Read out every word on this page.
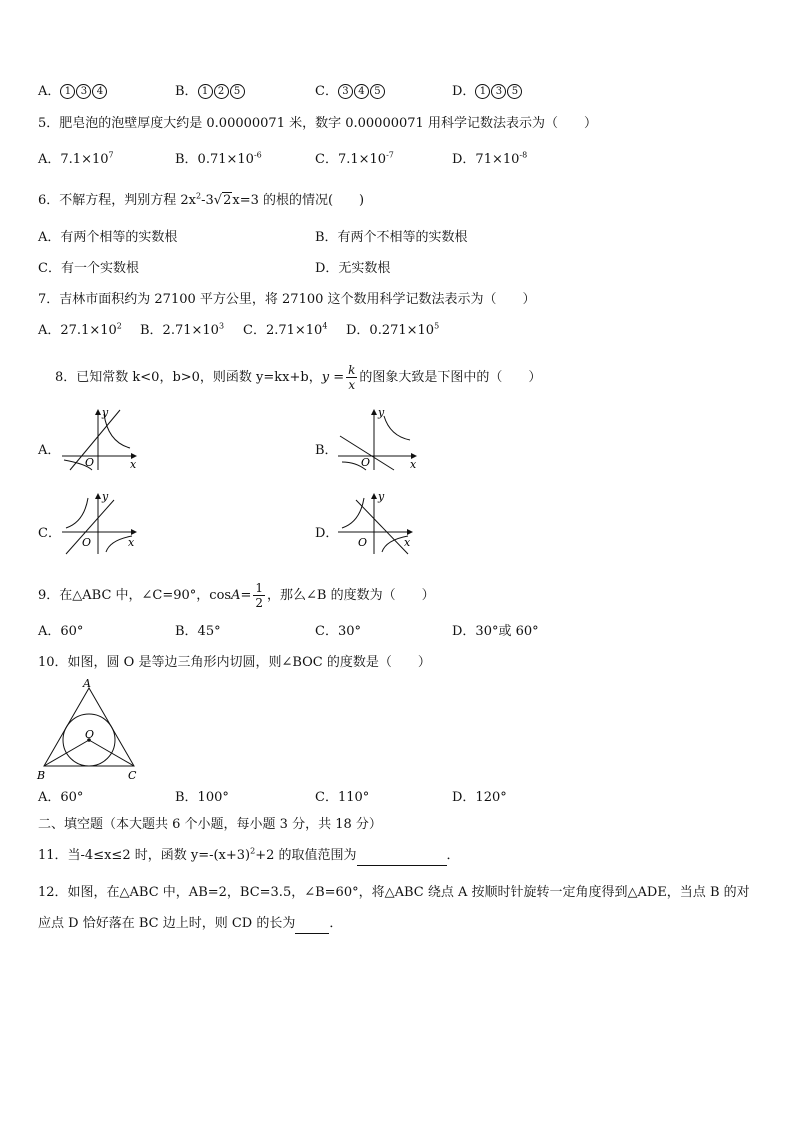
A． 1 3 4	B． 1 2 5	C． 3 4 5	D． 1 3 5
5．肥皂泡的泡壁厚度大约是 0.00000071 米，数字 0.00000071 用科学记数法表示为（　　）
A．$7.1\times 10^7$	B．$0.71\times 10^{-6}$	C．$7.1\times 10^{-7}$	D．$71\times 10^{-8}$
6．不解方程，判别方程 $2x^2-3√2x=3$ 的根的情况(　　)
A．有两个相等的实数根	B．有两个不相等的实数根
C．有一个实数根	D．无实数根
7．吉林市面积约为 27100 平方公里，将 27100 这个数用科学记数法表示为（　　）
A．$27.1\times 10^2$ B．$2.71\times 10^3$ C．$2.71\times 10^4$ D．$0.271\times 10^5$
8．已知常数 k<0，b>0，则函数 y=kx+b，$y = \frac{k}{x}$ 的图象大致是下图中的（　　）
A．	B．
C．	D．
x
y
O	x
y
O
x
y
O	x
y
O
9．在△ABC 中，∠C=90°，$\cos A= \frac{1}{2}$ ，那么∠B 的度数为（　　）
A．60°	B．45°	C．30°	D．30°或 60°
10．如图，圆 O 是等边三角形内切圆，则∠BOC 的度数是（　　）
A
B	C
O
A．60°	B．100°	C．110°	D．120°
二、填空题（本大题共 6 个小题，每小题 3 分，共 18 分）
11．当-4≤x≤2 时，函数 $y=-(x+3)^2+2$ 的取值范围为	．
12．如图，在△ABC 中，AB=2，BC=3.5，∠B=60°，将△ABC 绕点 A 按顺时针旋转一定角度得到△ADE，当点 B 的对
应点 D 恰好落在 BC 边上时，则 CD 的长为	．
